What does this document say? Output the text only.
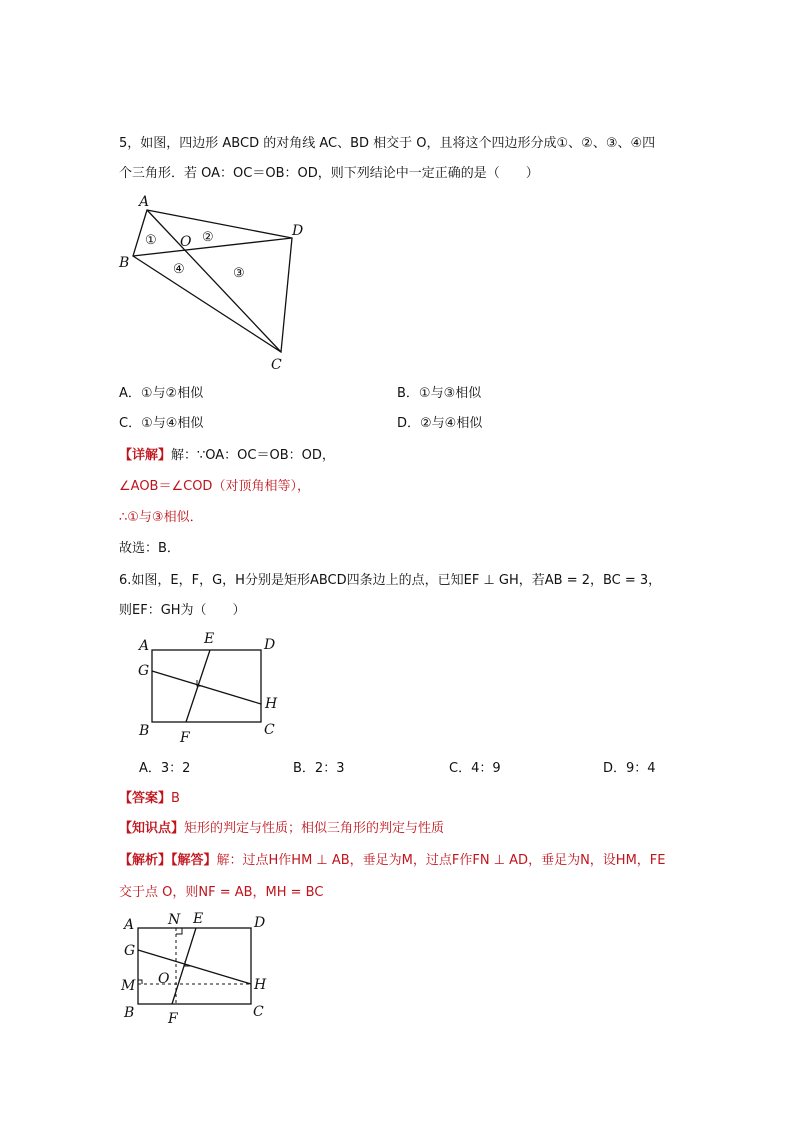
5，如图，四边形 ABCD 的对角线 AC、BD 相交于 O，且将这个四边形分成①、②、③、④四
个三角形．若 OA：OC＝OB：OD，则下列结论中一定正确的是（　　）
A
B
C
D
O
①	②
③
④
A．①与②相似	B．①与③相似
C．①与④相似	D．②与④相似
【详解】解：∵OA：OC＝OB：OD，
∠AOB＝∠COD（对顶角相等），
∴①与③相似．
故选：B．
6.如图，E，F，G，H分别是矩形ABCD四条边上的点，已知EF ⊥ GH，若AB = 2，BC = 3，
则EF：GH为（　　）
A	E	D
G
H
B F	C
A．3：2	B．2：3	C．4：9	D．9：4
【答案】B
【知识点】矩形的判定与性质；相似三角形的判定与性质
【解析】【解答】解：过点H作HM ⊥ AB，垂足为M，过点F作FN ⊥ AD，垂足为N，设HM，FE
交于点 O，则NF = AB，MH = BC
A N E	D
G
O
M	H
B F	C
